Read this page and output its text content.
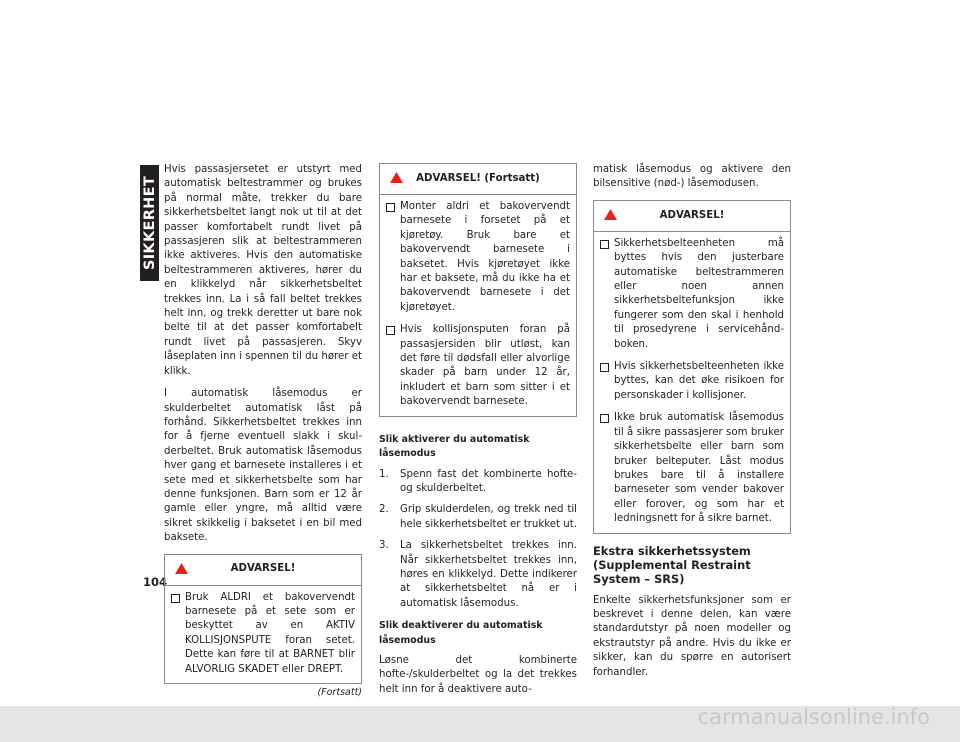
SIKKERHET
104

Hvis passasjersetet er utstyrt med automatisk beltestrammer og brukes på normal måte, trekker du bare sikkerhetsbeltet langt nok ut til at det passer komfortabelt rundt livet på passasjeren slik at beltestrammeren ikke aktiveres. Hvis den automatiske beltestrammeren aktiveres, hører du en klikkelyd når sikkerhetsbeltet trekkes inn. La i så fall beltet trekkes helt inn, og trekk deretter ut bare nok belte til at det passer komfortabelt rundt livet på passasjeren. Skyv låseplaten inn i spennen til du hører et klikk.

I automatisk låsemodus er skulderbeltet automatisk låst på forhånd. Sikkerhetsbeltet trekkes inn for å fjerne eventuell slakk i skulderbeltet. Bruk automatisk låsemodus hver gang et barnesete installeres i et sete med et sikkerhetsbelte som har denne funksjonen. Barn som er 12 år gamle eller yngre, må alltid være sikret skikkelig i baksetet i en bil med baksete.

ADVARSEL!
Bruk ALDRI et bakovervendt barnesete på et sete som er beskyttet av en AKTIV KOLLISJONSPUTE foran setet. Dette kan føre til at BARNET blir ALVORLIG SKADET eller DREPT.
(Fortsatt)
ADVARSEL! (Fortsatt)
Monter aldri et bakovervendt barnesete i forsetet på et kjøretøy. Bruk bare et bakovervendt barnesete i baksetet. Hvis kjøretøyet ikke har et baksete, må du ikke ha et bakovervendt barnesete i det kjøretøyet.
Hvis kollisjonsputen foran på passasjersiden blir utløst, kan det føre til dødsfall eller alvorlige skader på barn under 12 år, inkludert et barn som sitter i et bakovervendt barnesete.
Slik aktiverer du automatisk låsemodus
1.	Spenn fast det kombinerte hofte- og skulderbeltet.
2.	Grip skulderdelen, og trekk ned til hele sikkerhetsbeltet er trukket ut.
3.	La sikkerhetsbeltet trekkes inn. Når sikkerhetsbeltet trekkes inn, høres en klikkelyd. Dette indikerer at sikkerhetsbeltet nå er i automatisk låsemodus.
Slik deaktiverer du automatisk låsemodus

Løsne det kombinerte hofte-/skulderbeltet og la det trekkes helt inn for å deaktivere auto-

matisk låsemodus og aktivere den bilsensitive (nød-) låsemodusen.

ADVARSEL!
Sikkerhetsbelteenheten må byttes hvis den justerbare automatiske beltestrammeren eller noen annen sikkerhetsbeltefunksjon ikke fungerer som den skal i henhold til prosedyrene i servicehåndboken.
Hvis sikkerhetsbelteenheten ikke byttes, kan det øke risikoen for personskader i kollisjoner.
Ikke bruk automatisk låsemodus til å sikre passasjerer som bruker sikkerhetsbelte eller barn som bruker belteputer. Låst modus brukes bare til å installere barneseter som vender bakover eller forover, og som har et ledningsnett for å sikre barnet.
Ekstra sikkerhetssystem (Supplemental Restraint System – SRS)

Enkelte sikkerhetsfunksjoner som er beskrevet i denne delen, kan være standardutstyr på noen modeller og ekstrautstyr på andre. Hvis du ikke er sikker, kan du spørre en autorisert forhandler.

carmanualsonline.info
